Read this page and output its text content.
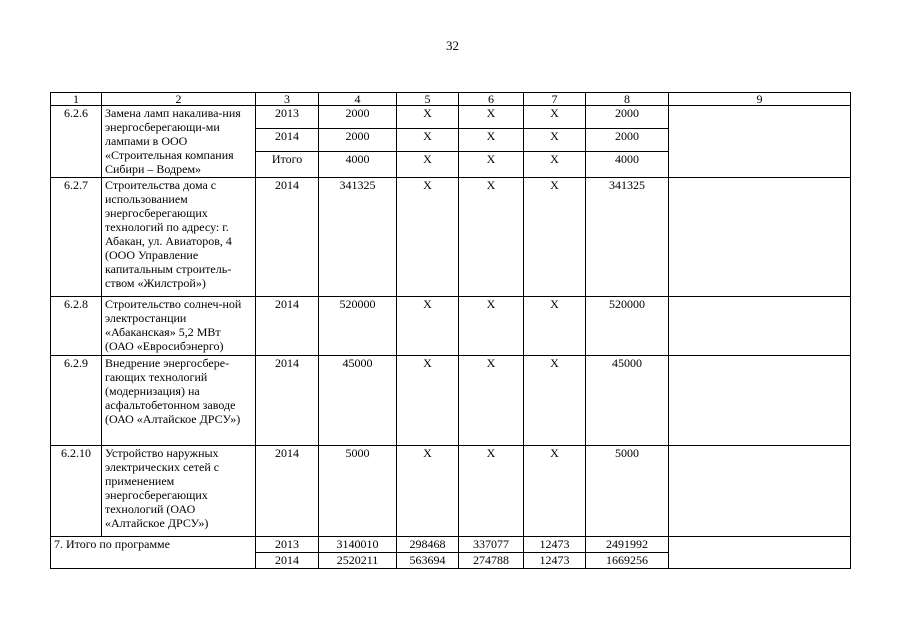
32
1	2	3	4	5	6	7	8	9
6.2.6	Замена ламп накалива-ния энергосберегающи-ми лампами в ООО «Строительная компания Сибири – Водрем»	2013	2000	Х	Х	Х	2000	
		2014	2000	Х	Х	Х	2000	
		Итого	4000	Х	Х	Х	4000	
6.2.7	Строительства дома с использованием энергосберегающих технологий по адресу: г. Абакан, ул. Авиаторов, 4 (ООО Управление капитальным строитель-ством «Жилстрой»)	2014	341325	Х	Х	Х	341325	
6.2.8	Строительство солнеч-ной электростанции «Абаканская» 5,2 МВт (ОАО «Евросибэнерго)	2014	520000	Х	Х	Х	520000	
6.2.9	Внедрение энергосбере-гающих технологий (модернизация) на асфальтобетонном заводе (ОАО «Алтайское ДРСУ»)	2014	45000	Х	Х	Х	45000	
6.2.10	Устройство наружных электрических сетей с применением энергосберегающих технологий (ОАО «Алтайское ДРСУ»)	2014	5000	Х	Х	Х	5000	
7. Итого по программе		2013	3140010	298468	337077	12473	2491992	
		2014	2520211	563694	274788	12473	1669256	
